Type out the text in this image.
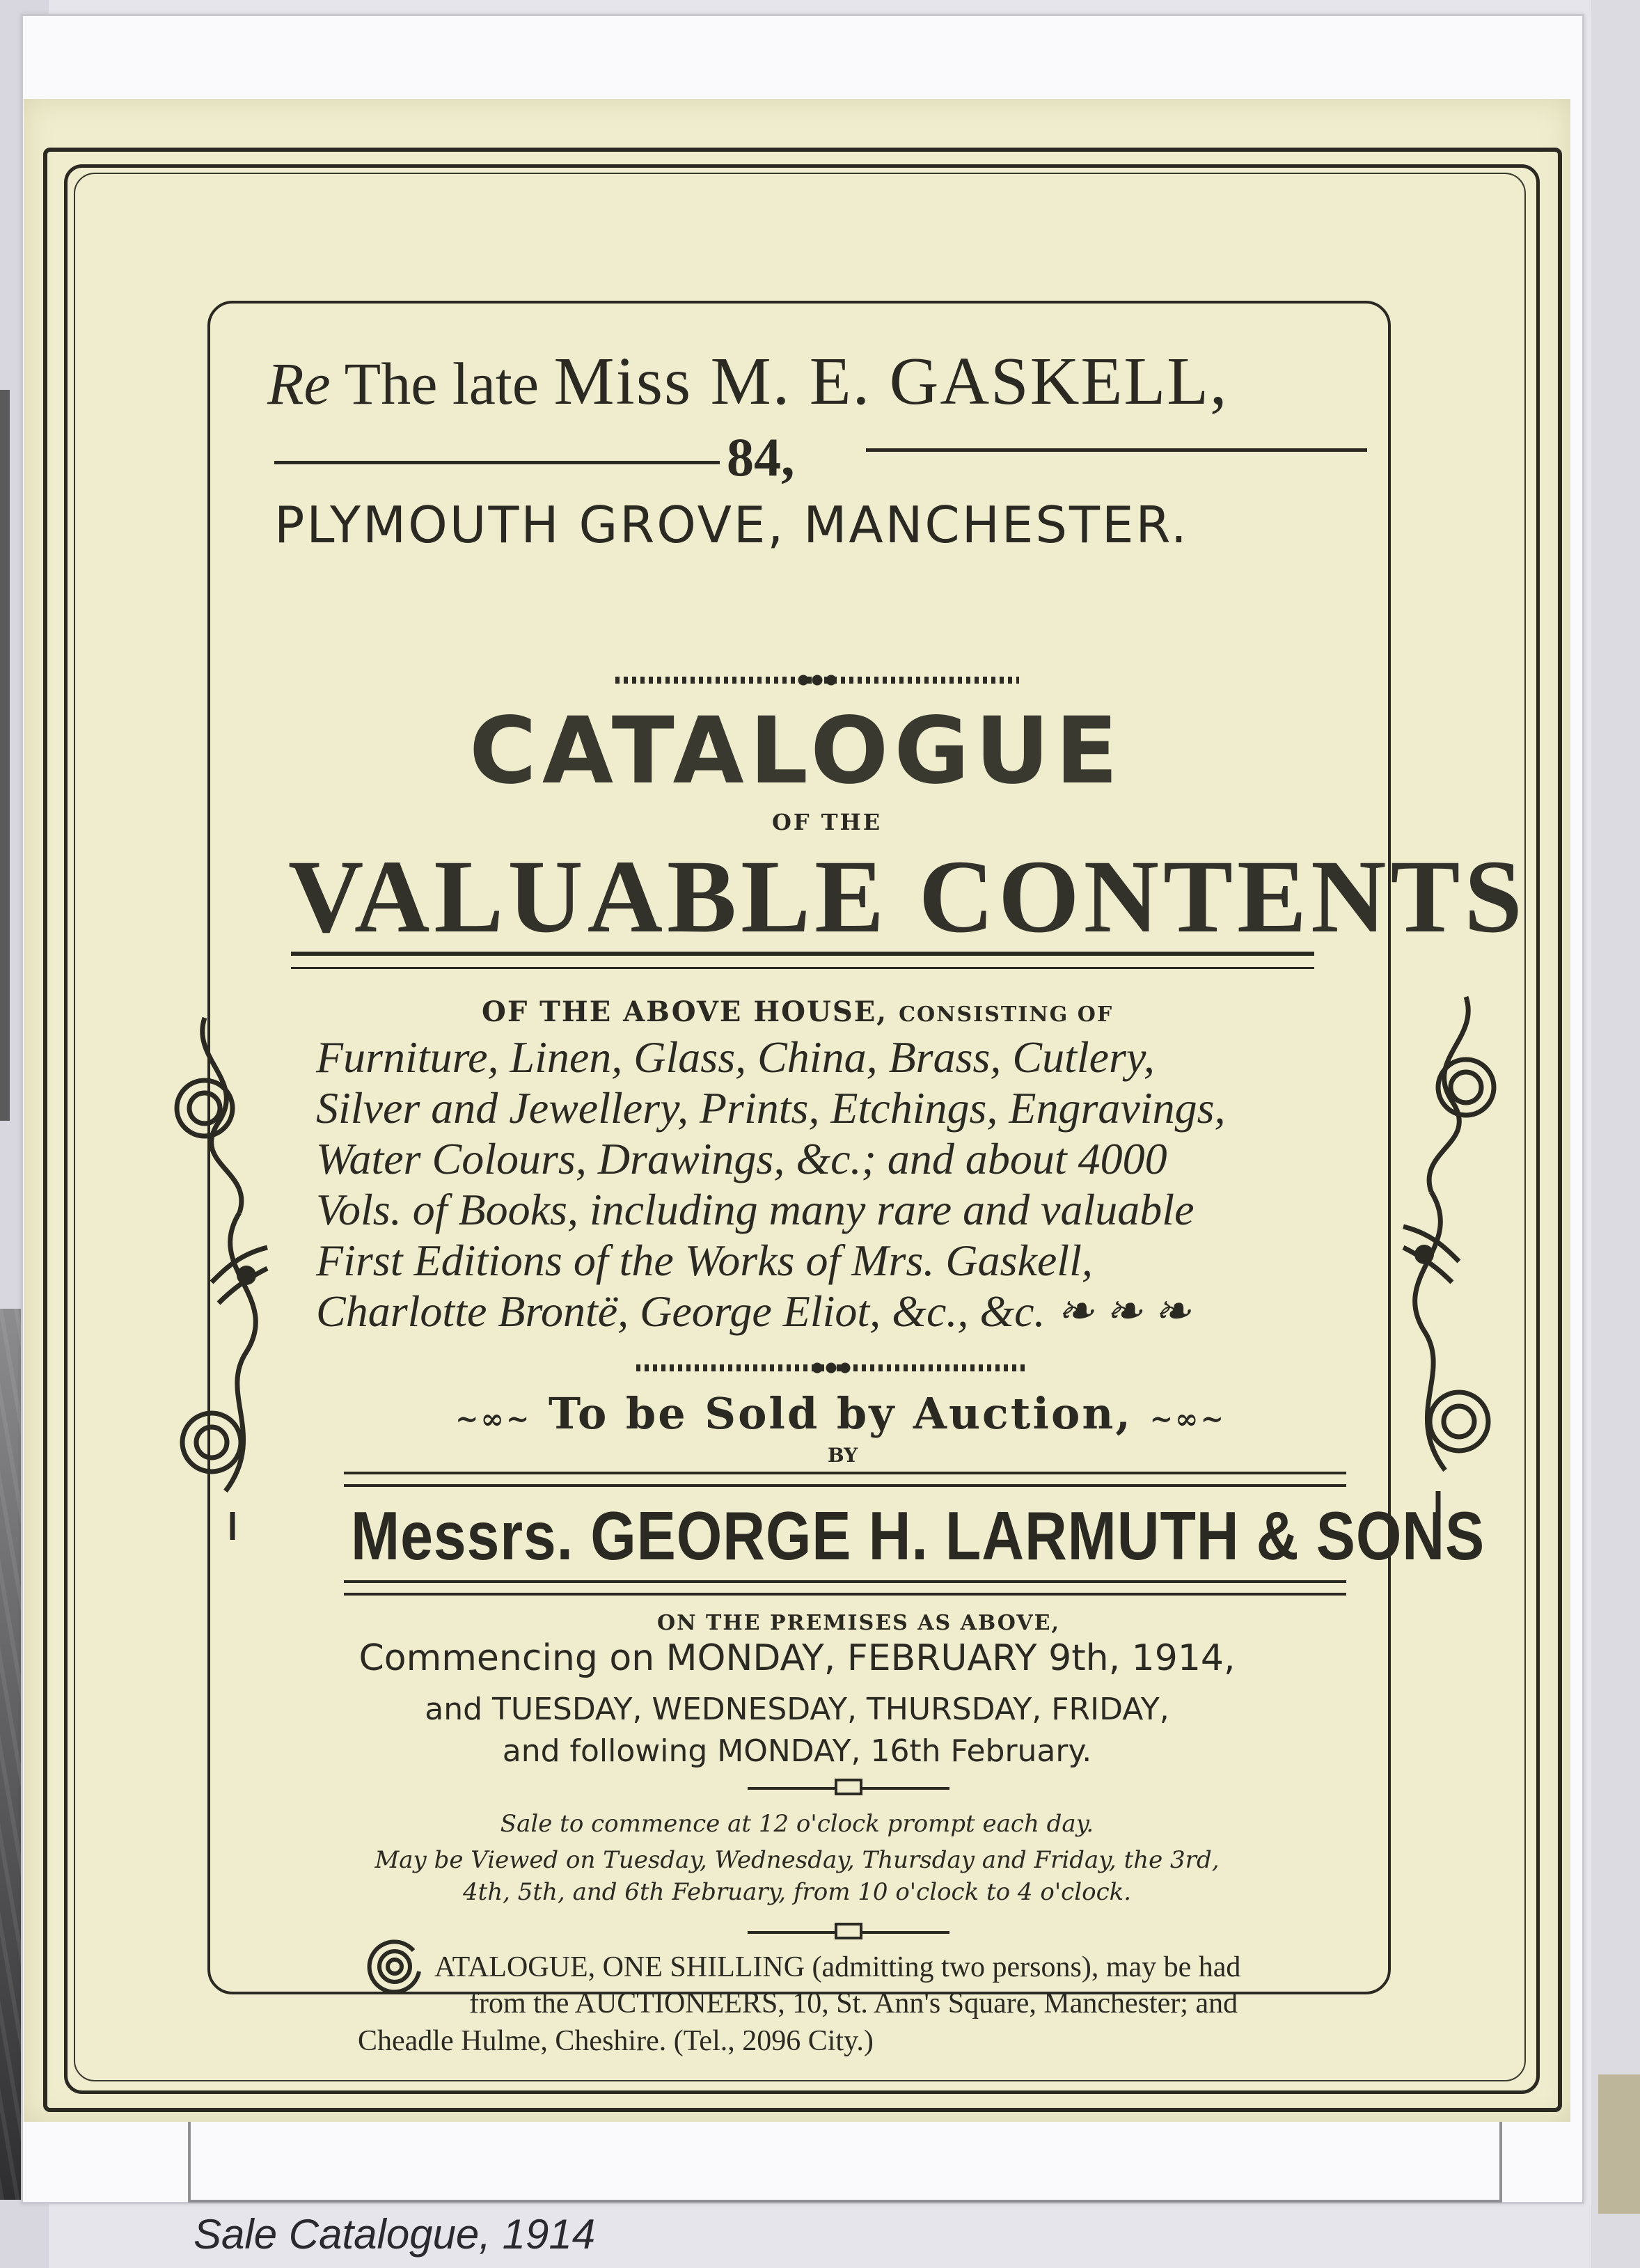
Re The late Miss M. E. GASKELL,
84,
PLYMOUTH GROVE, MANCHESTER.
CATALOGUE
OF THE
VALUABLE CONTENTS
OF THE ABOVE HOUSE, CONSISTING OF
Furniture, Linen, Glass, China, Brass, Cutlery,
Silver and Jewellery, Prints, Etchings, Engravings,
Water Colours, Drawings, &c.; and about 4000
Vols. of Books, including many rare and valuable
First Editions of the Works of Mrs. Gaskell,
Charlotte Brontë, George Eliot, &c., &c. ❧ ❧ ❧
~∞~ To be Sold by Auction, ~∞~
BY
Messrs. GEORGE H. LARMUTH & SONS
ON THE PREMISES AS ABOVE,
Commencing on MONDAY, FEBRUARY 9th, 1914,
and TUESDAY, WEDNESDAY, THURSDAY, FRIDAY,
and following MONDAY, 16th February.
Sale to commence at 12 o'clock prompt each day.
May be Viewed on Tuesday, Wednesday, Thursday and Friday, the 3rd,
4th, 5th, and 6th February, from 10 o'clock to 4 o'clock.
ATALOGUE, ONE SHILLING (admitting two persons), may be had
from the AUCTIONEERS, 10, St. Ann's Square, Manchester; and
Cheadle Hulme, Cheshire. (Tel., 2096 City.)
Sale Catalogue, 1914
